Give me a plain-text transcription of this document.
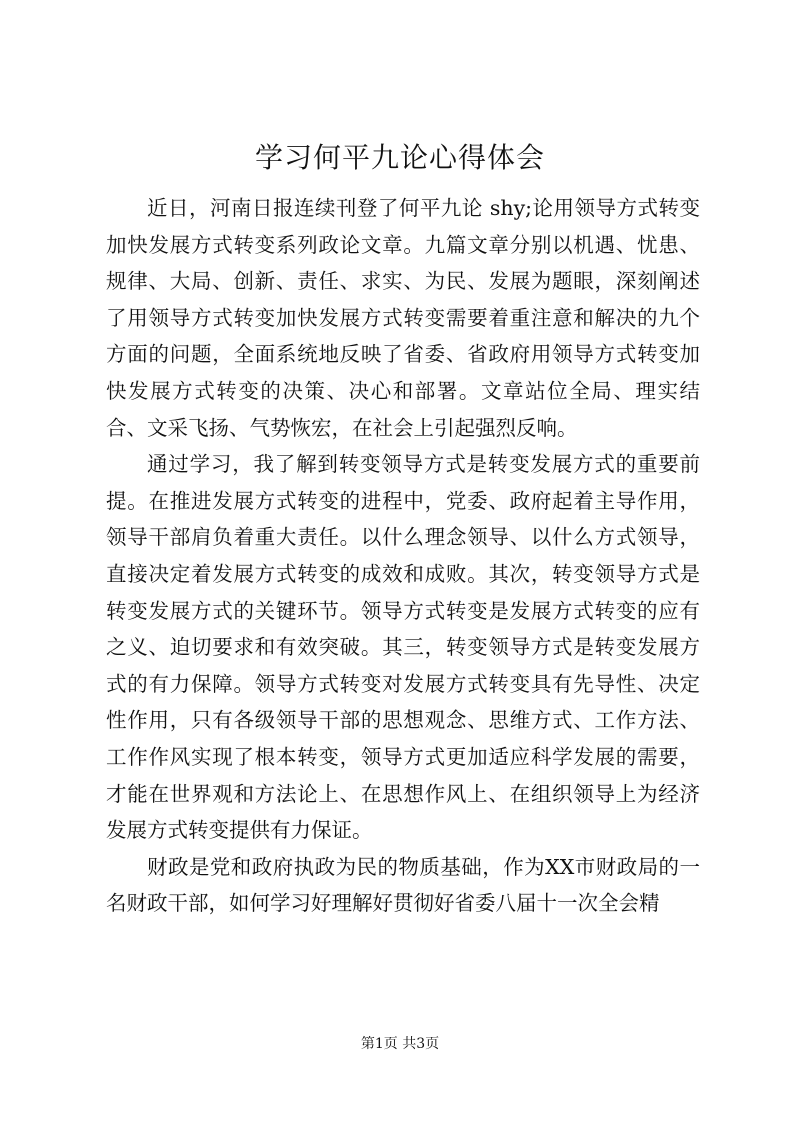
学习何平九论心得体会

近日，河南日报连续刊登了何平九论 shy;论用领导方式转变加快发展方式转变系列政论文章。九篇文章分别以机遇、忧患、规律、大局、创新、责任、求实、为民、发展为题眼，深刻阐述了用领导方式转变加快发展方式转变需要着重注意和解决的九个方面的问题，全面系统地反映了省委、省政府用领导方式转变加快发展方式转变的决策、决心和部署。文章站位全局、理实结合、文采飞扬、气势恢宏，在社会上引起强烈反响。

通过学习，我了解到转变领导方式是转变发展方式的重要前提。在推进发展方式转变的进程中，党委、政府起着主导作用，领导干部肩负着重大责任。以什么理念领导、以什么方式领导，直接决定着发展方式转变的成效和成败。其次，转变领导方式是转变发展方式的关键环节。领导方式转变是发展方式转变的应有之义、迫切要求和有效突破。其三，转变领导方式是转变发展方式的有力保障。领导方式转变对发展方式转变具有先导性、决定性作用，只有各级领导干部的思想观念、思维方式、工作方法、工作作风实现了根本转变，领导方式更加适应科学发展的需要，才能在世界观和方法论上、在思想作风上、在组织领导上为经济发展方式转变提供有力保证。

财政是党和政府执政为民的物质基础，作为XX市财政局的一名财政干部，如何学习好理解好贯彻好省委八届十一次全会精

第1页 共3页
